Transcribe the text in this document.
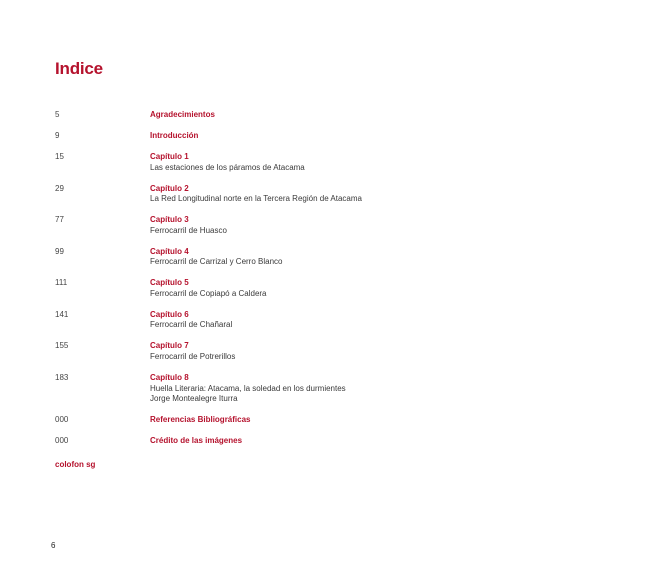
Indice
5	Agradecimientos
9	Introducción
15	Capítulo 1
Las estaciones de los páramos de Atacama
29	Capítulo 2
La Red Longitudinal norte en la Tercera Región de Atacama
77	Capítulo 3
Ferrocarril de Huasco
99	Capítulo 4
Ferrocarril de Carrizal y Cerro Blanco
111	Capítulo 5
Ferrocarril de Copiapó a Caldera
141	Capítulo 6
Ferrocarril de Chañaral
155	Capítulo 7
Ferrocarril de Potrerillos
183	Capítulo 8
Huella Literaria: Atacama, la soledad en los durmientes
Jorge Montealegre Iturra
000	Referencias Bibliográficas
000	Crédito de las imágenes
colofon sg
6
